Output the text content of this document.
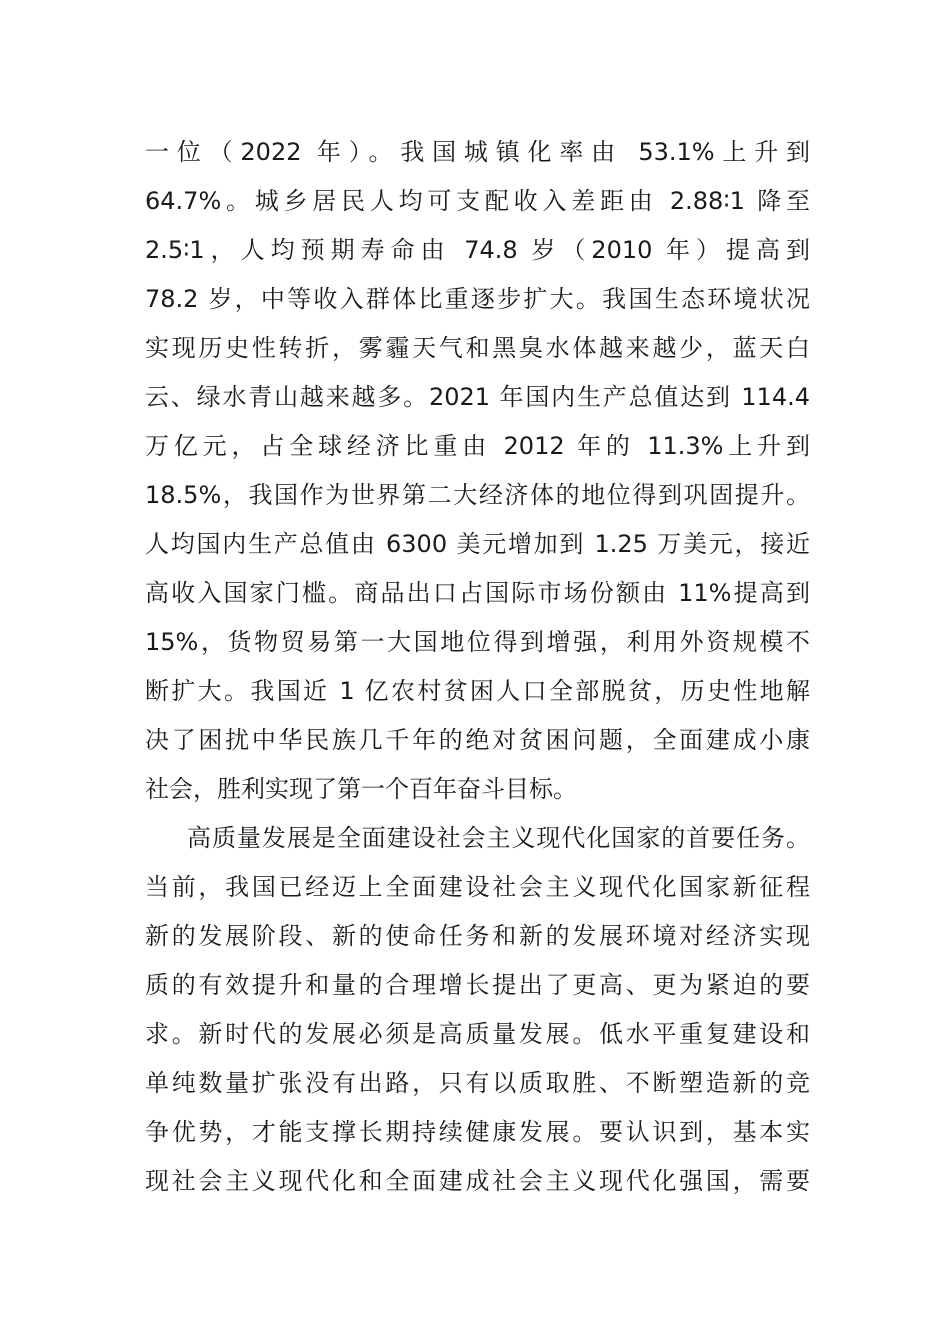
一位（2022 年）。我国城镇化率由 53.1%上升到
64.7%。城乡居民人均可支配收入差距由 2.88∶1 降至
2.5∶1，人均预期寿命由 74.8 岁（2010 年）提高到
78.2 岁，中等收入群体比重逐步扩大。我国生态环境状况
实现历史性转折，雾霾天气和黑臭水体越来越少，蓝天白
云、绿水青山越来越多。2021 年国内生产总值达到 114.4
万亿元，占全球经济比重由 2012 年的 11.3%上升到
18.5%，我国作为世界第二大经济体的地位得到巩固提升。
人均国内生产总值由 6300 美元增加到 1.25 万美元，接近
高收入国家门槛。商品出口占国际市场份额由 11%提高到
15%，货物贸易第一大国地位得到增强，利用外资规模不
断扩大。我国近 1 亿农村贫困人口全部脱贫，历史性地解
决了困扰中华民族几千年的绝对贫困问题，全面建成小康
社会，胜利实现了第一个百年奋斗目标。
高质量发展是全面建设社会主义现代化国家的首要任务。
当前，我国已经迈上全面建设社会主义现代化国家新征程
新的发展阶段、新的使命任务和新的发展环境对经济实现
质的有效提升和量的合理增长提出了更高、更为紧迫的要
求。新时代的发展必须是高质量发展。低水平重复建设和
单纯数量扩张没有出路，只有以质取胜、不断塑造新的竞
争优势，才能支撑长期持续健康发展。要认识到，基本实
现社会主义现代化和全面建成社会主义现代化强国，需要
